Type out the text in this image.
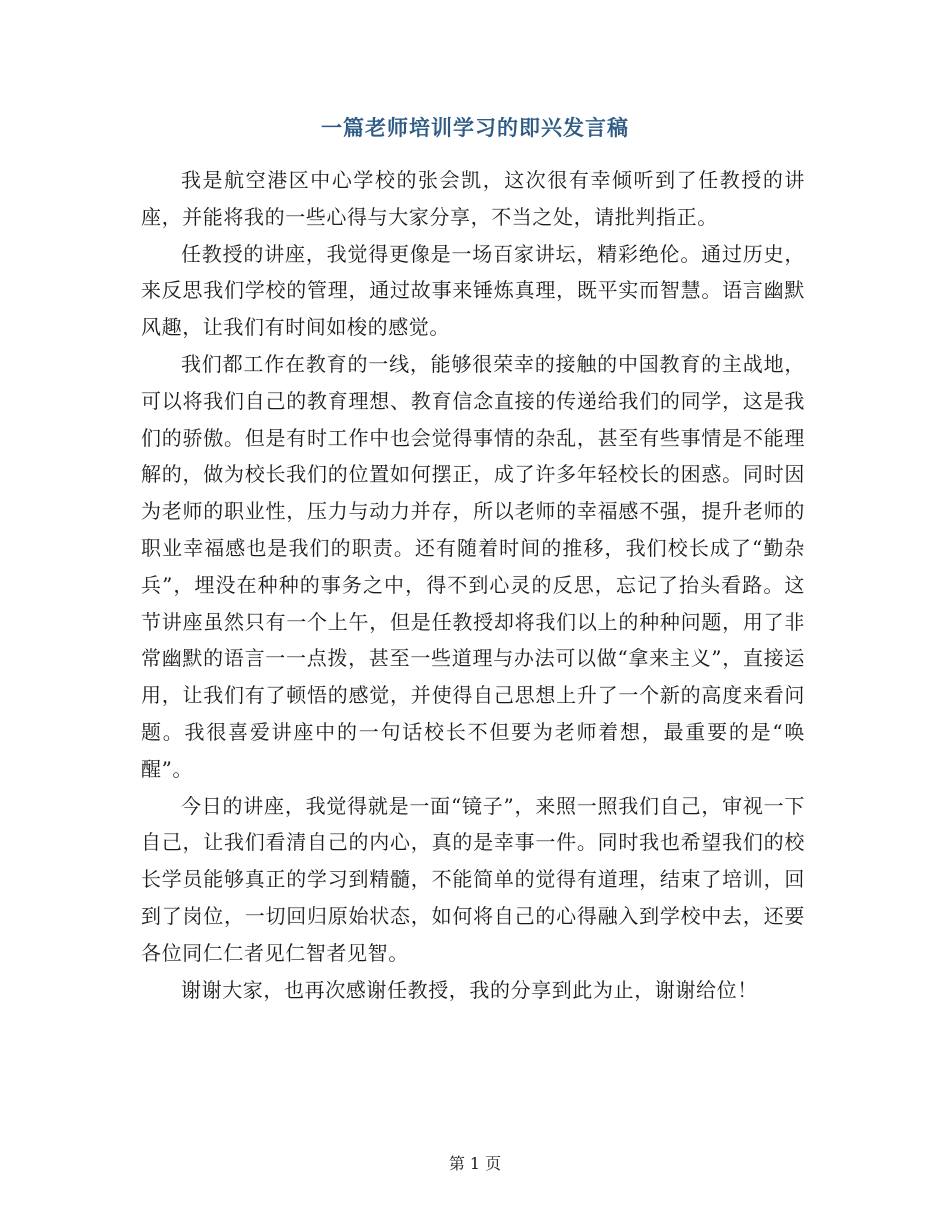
一篇老师培训学习的即兴发言稿

我是航空港区中心学校的张会凯，这次很有幸倾听到了任教授的讲座，并能将我的一些心得与大家分享，不当之处，请批判指正。

任教授的讲座，我觉得更像是一场百家讲坛，精彩绝伦。通过历史，来反思我们学校的管理，通过故事来锤炼真理，既平实而智慧。语言幽默风趣，让我们有时间如梭的感觉。

我们都工作在教育的一线，能够很荣幸的接触的中国教育的主战地，可以将我们自己的教育理想、教育信念直接的传递给我们的同学，这是我们的骄傲。但是有时工作中也会觉得事情的杂乱，甚至有些事情是不能理解的，做为校长我们的位置如何摆正，成了许多年轻校长的困惑。同时因为老师的职业性，压力与动力并存，所以老师的幸福感不强，提升老师的职业幸福感也是我们的职责。还有随着时间的推移，我们校长成了“勤杂兵”，埋没在种种的事务之中，得不到心灵的反思，忘记了抬头看路。这节讲座虽然只有一个上午，但是任教授却将我们以上的种种问题，用了非常幽默的语言一一点拨，甚至一些道理与办法可以做“拿来主义”，直接运用，让我们有了顿悟的感觉，并使得自己思想上升了一个新的高度来看问题。我很喜爱讲座中的一句话校长不但要为老师着想，最重要的是“唤醒”。

今日的讲座，我觉得就是一面“镜子”，来照一照我们自己，审视一下自己，让我们看清自己的内心，真的是幸事一件。同时我也希望我们的校长学员能够真正的学习到精髓，不能简单的觉得有道理，结束了培训，回到了岗位，一切回归原始状态，如何将自己的心得融入到学校中去，还要各位同仁仁者见仁智者见智。

谢谢大家，也再次感谢任教授，我的分享到此为止，谢谢给位！

第 1 页
